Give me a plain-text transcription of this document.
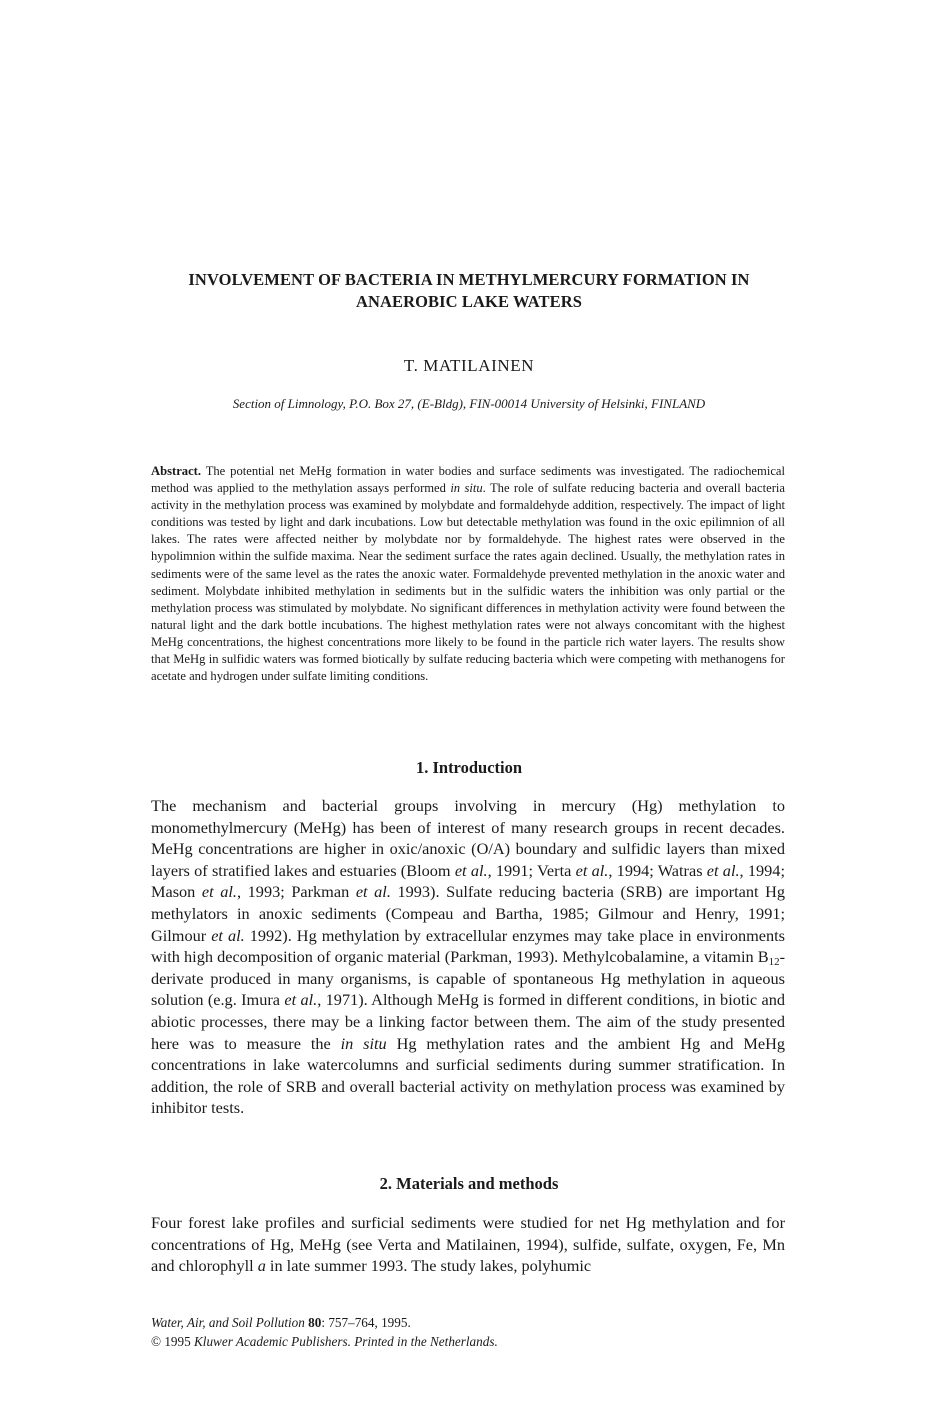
INVOLVEMENT OF BACTERIA IN METHYLMERCURY FORMATION IN
ANAEROBIC LAKE WATERS
T. MATILAINEN
Section of Limnology, P.O. Box 27, (E-Bldg), FIN-00014 University of Helsinki, FINLAND
Abstract. The potential net MeHg formation in water bodies and surface sediments was investigated. The radiochemical method was applied to the methylation assays performed in situ. The role of sulfate reducing bacteria and overall bacteria activity in the methylation process was examined by molybdate and formaldehyde addition, respectively. The impact of light conditions was tested by light and dark incubations. Low but detectable methylation was found in the oxic epilimnion of all lakes. The rates were affected neither by molybdate nor by formaldehyde. The highest rates were observed in the hypolimnion within the sulfide maxima. Near the sediment surface the rates again declined. Usually, the methylation rates in sediments were of the same level as the rates the anoxic water. Formaldehyde prevented methylation in the anoxic water and sediment. Molybdate inhibited methylation in sediments but in the sulfidic waters the inhibition was only partial or the methylation process was stimulated by molybdate. No significant differences in methylation activity were found between the natural light and the dark bottle incubations. The highest methylation rates were not always concomitant with the highest MeHg concentrations, the highest concentrations more likely to be found in the particle rich water layers. The results show that MeHg in sulfidic waters was formed biotically by sulfate reducing bacteria which were competing with methanogens for acetate and hydrogen under sulfate limiting conditions.
1. Introduction
The mechanism and bacterial groups involving in mercury (Hg) methylation to monomethylmercury (MeHg) has been of interest of many research groups in recent decades. MeHg concentrations are higher in oxic/anoxic (O/A) boundary and sulfidic layers than mixed layers of stratified lakes and estuaries (Bloom et al., 1991; Verta et al., 1994; Watras et al., 1994; Mason et al., 1993; Parkman et al. 1993). Sulfate reducing bacteria (SRB) are important Hg methylators in anoxic sediments (Compeau and Bartha, 1985; Gilmour and Henry, 1991; Gilmour et al. 1992). Hg methylation by extracellular enzymes may take place in environments with high decomposition of organic material (Parkman, 1993). Methylcobalamine, a vitamin $B_{12}$-derivate produced in many organisms, is capable of spontaneous Hg methylation in aqueous solution (e.g. Imura et al., 1971). Although MeHg is formed in different conditions, in biotic and abiotic processes, there may be a linking factor between them. The aim of the study presented here was to measure the in situ Hg methylation rates and the ambient Hg and MeHg concentrations in lake watercolumns and surficial sediments during summer stratification. In addition, the role of SRB and overall bacterial activity on methylation process was examined by inhibitor tests.
2. Materials and methods
Four forest lake profiles and surficial sediments were studied for net Hg methylation and for concentrations of Hg, MeHg (see Verta and Matilainen, 1994), sulfide, sulfate, oxygen, Fe, Mn and chlorophyll a in late summer 1993. The study lakes, polyhumic
Water, Air, and Soil Pollution 80: 757–764, 1995.
© 1995 Kluwer Academic Publishers. Printed in the Netherlands.
